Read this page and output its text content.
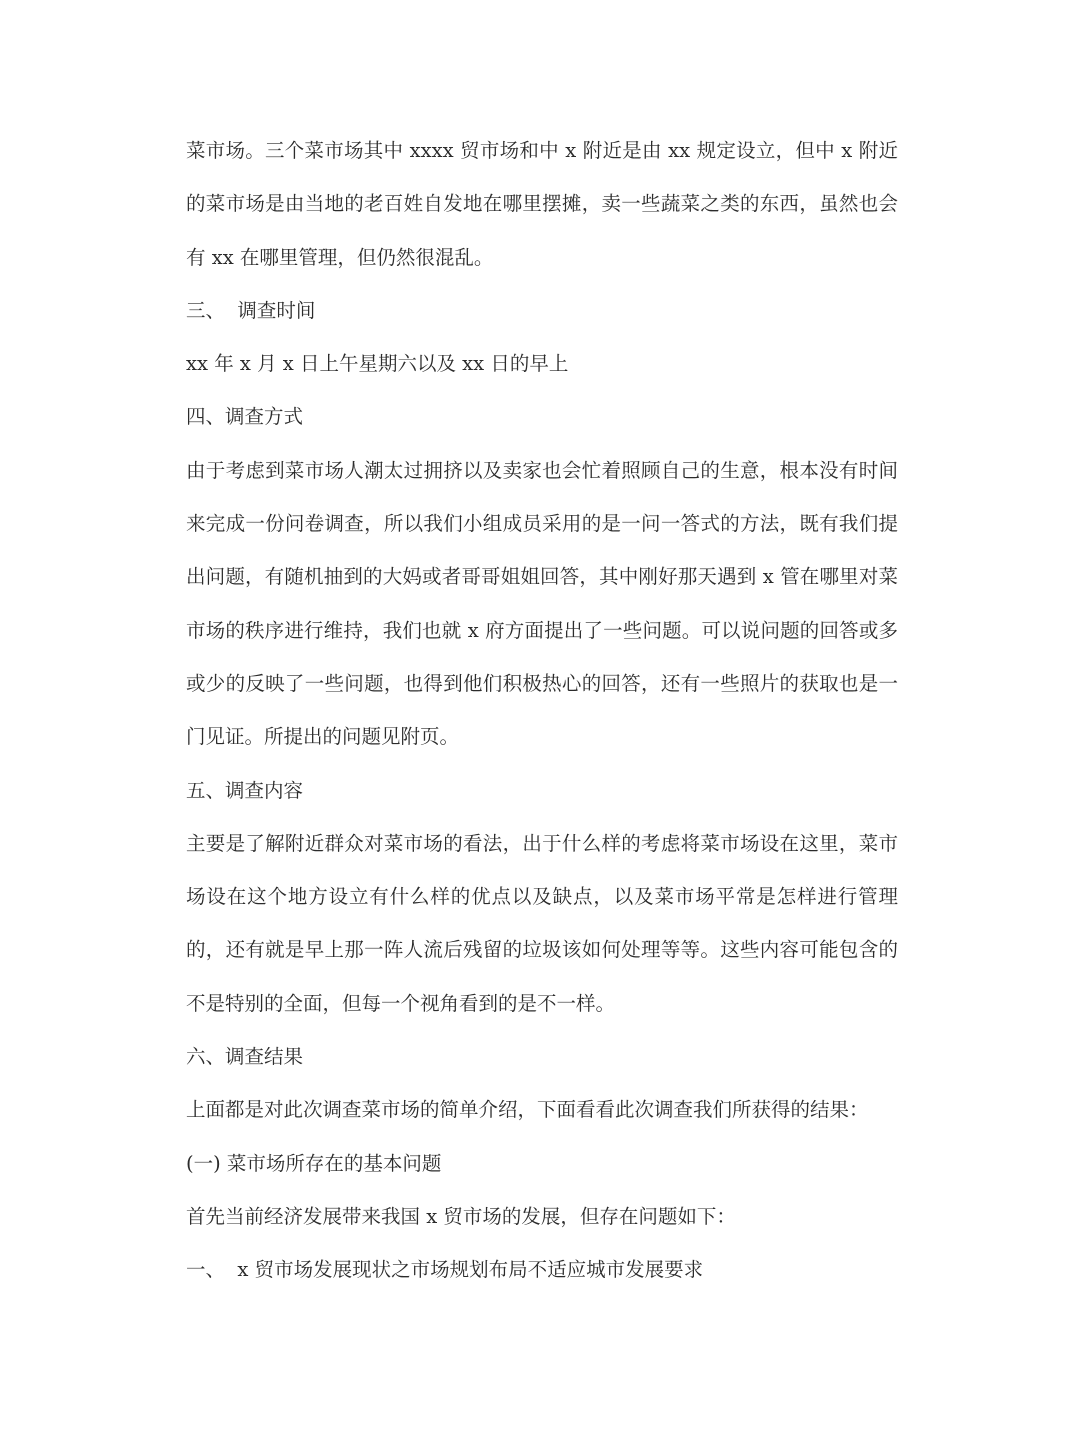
菜市场。三个菜市场其中 xxxx 贸市场和中 x 附近是由 xx 规定设立，但中 x 附近的菜市场是由当地的老百姓自发地在哪里摆摊，卖一些蔬菜之类的东西，虽然也会有 xx 在哪里管理，但仍然很混乱。

三、  调查时间

xx 年 x 月 x 日上午星期六以及 xx 日的早上

四、调查方式

由于考虑到菜市场人潮太过拥挤以及卖家也会忙着照顾自己的生意，根本没有时间来完成一份问卷调查，所以我们小组成员采用的是一问一答式的方法，既有我们提出问题，有随机抽到的大妈或者哥哥姐姐回答，其中刚好那天遇到 x 管在哪里对菜市场的秩序进行维持，我们也就 x 府方面提出了一些问题。可以说问题的回答或多或少的反映了一些问题，也得到他们积极热心的回答，还有一些照片的获取也是一门见证。所提出的问题见附页。

五、调查内容

主要是了解附近群众对菜市场的看法，出于什么样的考虑将菜市场设在这里，菜市场设在这个地方设立有什么样的优点以及缺点，以及菜市场平常是怎样进行管理的，还有就是早上那一阵人流后残留的垃圾该如何处理等等。这些内容可能包含的不是特别的全面，但每一个视角看到的是不一样。

六、调查结果

上面都是对此次调查菜市场的简单介绍，下面看看此次调查我们所获得的结果：

(一) 菜市场所存在的基本问题

首先当前经济发展带来我国 x 贸市场的发展，但存在问题如下：

一、  x 贸市场发展现状之市场规划布局不适应城市发展要求
